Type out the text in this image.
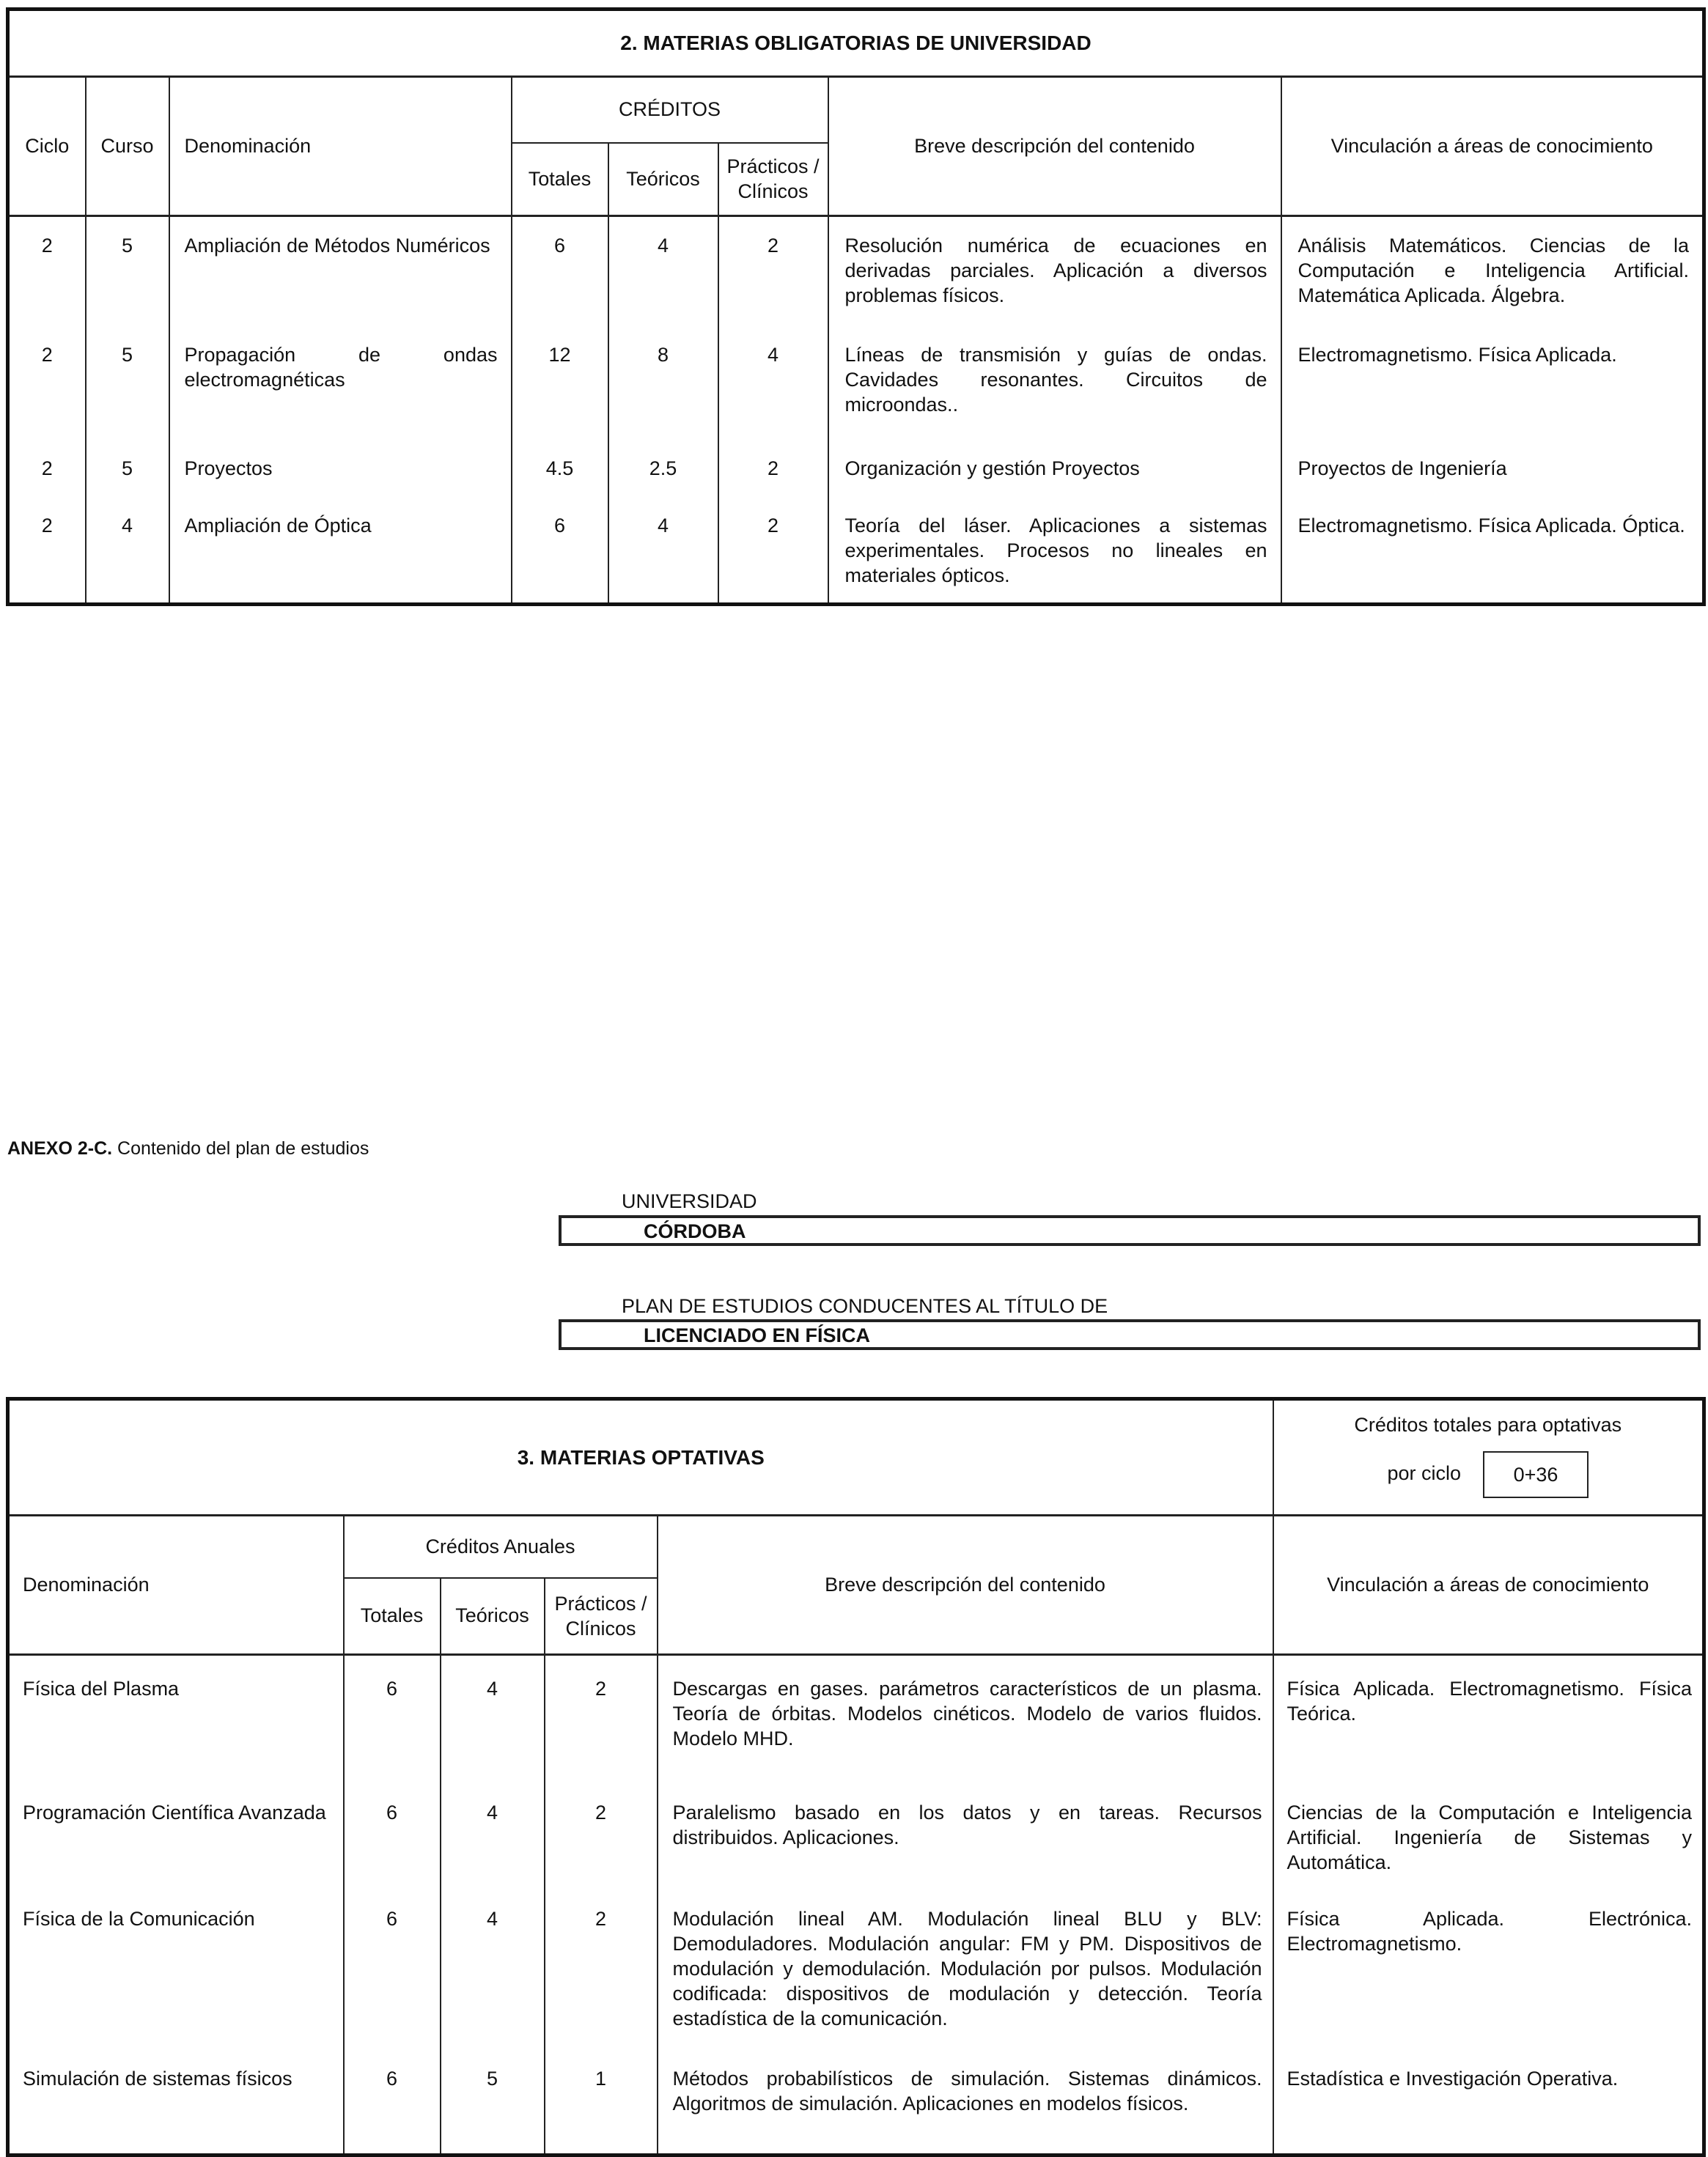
2. MATERIAS OBLIGATORIAS DE UNIVERSIDAD							
Ciclo	Curso	Denominación	CRÉDITOS			Breve descripción del contenido	Vinculación a áreas de conocimiento
			Totales	Teóricos	Prácticos / Clínicos		
2	5	Ampliación de Métodos Numéricos	6	4	2	Resolución numérica de ecuaciones en derivadas parciales. Aplicación a diversos problemas físicos.	Análisis Matemáticos. Ciencias de la Computación e Inteligencia Artificial. Matemática Aplicada. Álgebra.
2	5	Propagación de ondas electromagnéticas	12	8	4	Líneas de transmisión y guías de ondas. Cavidades resonantes. Circuitos de microondas..	Electromagnetismo. Física Aplicada.
2	5	Proyectos	4.5	2.5	2	Organización y gestión Proyectos	Proyectos de Ingeniería
2	4	Ampliación de Óptica	6	4	2	Teoría del láser. Aplicaciones a sistemas experimentales. Procesos no lineales en materiales ópticos.	Electromagnetismo. Física Aplicada. Óptica.
ANEXO 2-C. Contenido del plan de estudios
UNIVERSIDAD
CÓRDOBA
PLAN DE ESTUDIOS CONDUCENTES AL TÍTULO DE
LICENCIADO EN FÍSICA
3. MATERIAS OPTATIVAS					Créditos totales para optativas
por ciclo 0+36

Denominación	Créditos Anuales			Breve descripción del contenido	Vinculación a áreas de conocimiento
	Totales	Teóricos	Prácticos / Clínicos		
Física del Plasma	6	4	2	Descargas en gases. parámetros característicos de un plasma. Teoría de órbitas. Modelos cinéticos. Modelo de varios fluidos. Modelo MHD.	Física Aplicada. Electromagnetismo. Física Teórica.
Programación Científica Avanzada	6	4	2	Paralelismo basado en los datos y en tareas. Recursos distribuidos. Aplicaciones.	Ciencias de la Computación e Inteligencia Artificial. Ingeniería de Sistemas y Automática.
Física de la Comunicación	6	4	2	Modulación lineal AM. Modulación lineal BLU y BLV: Demoduladores. Modulación angular: FM y PM. Dispositivos de modulación y demodulación. Modulación por pulsos. Modulación codificada: dispositivos de modulación y detección. Teoría estadística de la comunicación.	Física Aplicada. Electrónica. Electromagnetismo.
Simulación de sistemas físicos	6	5	1	Métodos probabilísticos de simulación. Sistemas dinámicos. Algoritmos de simulación. Aplicaciones en modelos físicos.	Estadística e Investigación Operativa.
